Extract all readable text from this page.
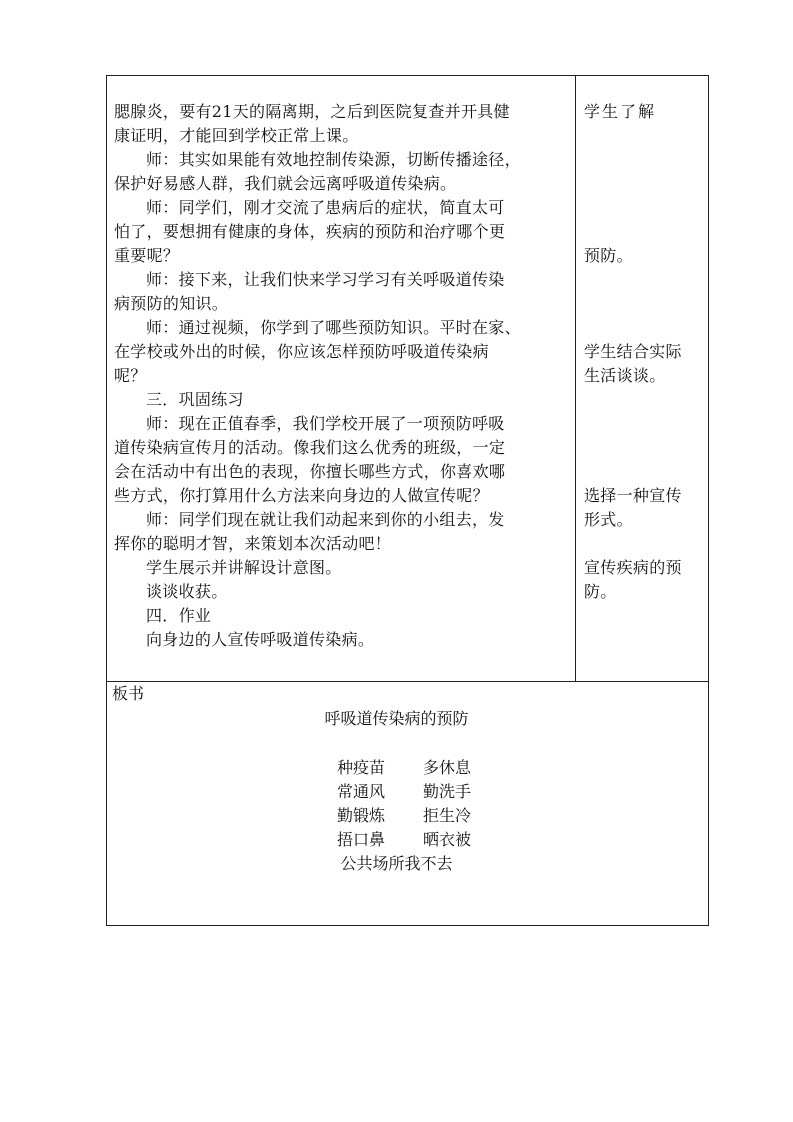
腮腺炎，要有21天的隔离期，之后到医院复查并开具健
康证明，才能回到学校正常上课。
师：其实如果能有效地控制传染源，切断传播途径，
保护好易感人群，我们就会远离呼吸道传染病。
师：同学们，刚才交流了患病后的症状，简直太可
怕了，要想拥有健康的身体，疾病的预防和治疗哪个更
重要呢？
师：接下来，让我们快来学习学习有关呼吸道传染
病预防的知识。
师：通过视频，你学到了哪些预防知识。平时在家、
在学校或外出的时候，你应该怎样预防呼吸道传染病
呢？
三．巩固练习
师：现在正值春季，我们学校开展了一项预防呼吸
道传染病宣传月的活动。像我们这么优秀的班级，一定
会在活动中有出色的表现，你擅长哪些方式，你喜欢哪
些方式，你打算用什么方法来向身边的人做宣传呢？
师：同学们现在就让我们动起来到你的小组去，发
挥你的聪明才智，来策划本次活动吧！
学生展示并讲解设计意图。
谈谈收获。
四．作业
向身边的人宣传呼吸道传染病。
学生了解
预防。
学生结合实际
生活谈谈。
选择一种宣传
形式。
宣传疾病的预
防。
板书
呼吸道传染病的预防
种疫苗 多休息
常通风 勤洗手
勤锻炼 拒生冷
捂口鼻 晒衣被
公共场所我不去
